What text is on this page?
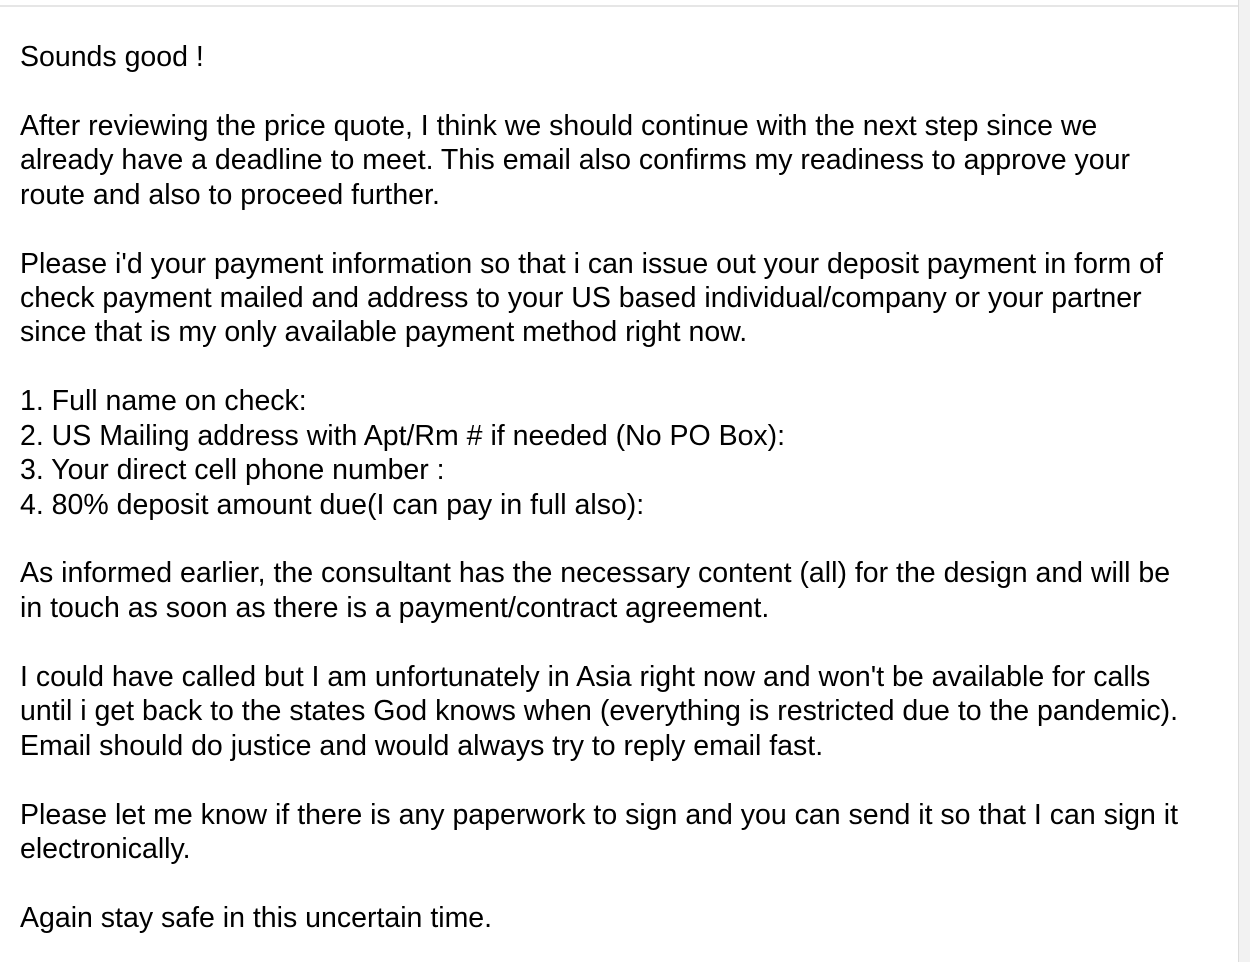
Sounds good !

After reviewing the price quote, I think we should continue with the next step since we already have a deadline to meet. This email also confirms my readiness to approve your route and also to proceed further.

Please i'd your payment information so that i can issue out your deposit payment in form of check payment mailed and address to your US based individual/company or your partner since that is my only available payment method right now.

1. Full name on check:
2. US Mailing address with Apt/Rm # if needed (No PO Box):
3. Your direct cell phone number :
4. 80% deposit amount due(I can pay in full also):

As informed earlier, the consultant has the necessary content (all) for the design and will be in touch as soon as there is a payment/contract agreement.

I could have called but I am unfortunately in Asia right now and won't be available for calls until i get back to the states God knows when (everything is restricted due to the pandemic). Email should do justice and would always try to reply email fast.

Please let me know if there is any paperwork to sign and you can send it so that I can sign it electronically.

Again stay safe in this uncertain time.
